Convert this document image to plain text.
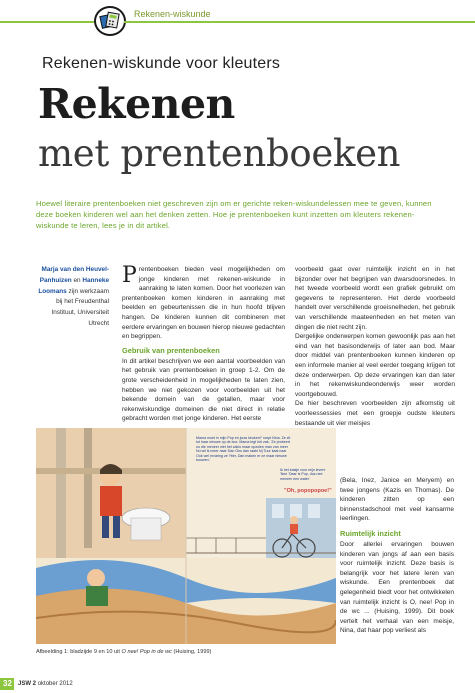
Rekenen-wiskunde
Rekenen-wiskunde voor kleuters
Rekenen
met prentenboeken
Hoewel literaire prentenboeken niet geschreven zijn om er gerichte reken-wiskundelessen mee te geven, kunnen deze boeken kinderen wel aan het denken zetten. Hoe je prentenboeken kunt inzetten om kleuters rekenen-wiskunde te leren, lees je in dit artikel.
Marja van den Heuvel-Panhuizen en Hanneke Loomans zijn werkzaam bij het Freudenthal Instituut, Universiteit Utrecht

Prentenboeken bieden veel mogelijkheden om jonge kinderen met rekenen-wiskunde in aanraking te laten komen. Door het voorlezen van prentenboeken komen kinderen in aanraking met beelden en gebeurtenissen die in hun hoofd blijven hangen. De kinderen kunnen dit combineren met eerdere ervaringen en bouwen hierop nieuwe gedachten en begrippen.

Gebruik van prentenboeken

In dit artikel beschrijven we een aantal voorbeelden van het gebruik van prentenboeken in groep 1-2. Om de grote verscheidenheid in mogelijkheden te laten zien, hebben we niet gekozen voor voorbeelden uit het bekende domein van de getallen, maar voor rekenwiskundige domeinen die niet direct in relatie gebracht worden met jonge kinderen. Het eerste

voorbeeld gaat over ruimtelijk inzicht en in het bijzonder over het begrijpen van dwarsdoorsnedes. In het tweede voorbeeld wordt een grafiek gebruikt om gegevens te representeren. Het derde voorbeeld handelt over verschillende groeisnelheden, het gebruik van verschillende maateenheden en het meten van dingen die niet recht zijn.

Dergelijke onderwerpen komen gewoonlijk pas aan het eind van het basisonderwijs of later aan bod. Maar door middel van prentenboeken kunnen kinderen op een informele manier al veel eerder toegang krijgen tot deze onderwerpen. Op deze ervaringen kan dan later in het rekenwiskundeonderwijs weer worden voortgebouwd.

De hier beschreven voorbeelden zijn afkomstig uit voorleessessies met een groepje oudste kleuters bestaande uit vier meisjes

(Bela, Inez, Janice en Meryem) en twee jongens (Kazis en Thomas). De kinderen zitten op een binnenstadschool met veel kansarme leerlingen.

Ruimtelijk inzicht

Door allerlei ervaringen bouwen kinderen van jongs af aan een basis voor ruimtelijk inzicht. Deze basis is belangrijk voor het latere leren van wiskunde. Een prentenboek dat gelegenheid biedt voor het ontwikkelen van ruimtelijk inzicht is O, nee! Pop in de wc ... (Huising, 1999). Dit boek vertelt het verhaal van een meisje, Nina, dat haar pop verliest als

Mama moet in mijn Pop en jouw keuken!" roept Nina. Ze zit tot haar nieuwe op de box. Mama legt het zak. 'Ze probeert nu die meneer niet het zaklo maar opzolen man van meer Nu wil ik meer naar Dan Ons dan raakt hij Tuur kaal naar Ook wel ervaring ze 'Hier, Dan maken er ze maar nieuwe bouwen.'
Ik het kastje voor mijn leven! 'Nee 'Daar is Pop, dus nee meneer een water'
"Oh, popopopoe!"
Afbeelding 1: bladzijde 9 en 10 uit O nee! Pop in de wc (Huising, 1999)
32 JSW 2 oktober 2012
